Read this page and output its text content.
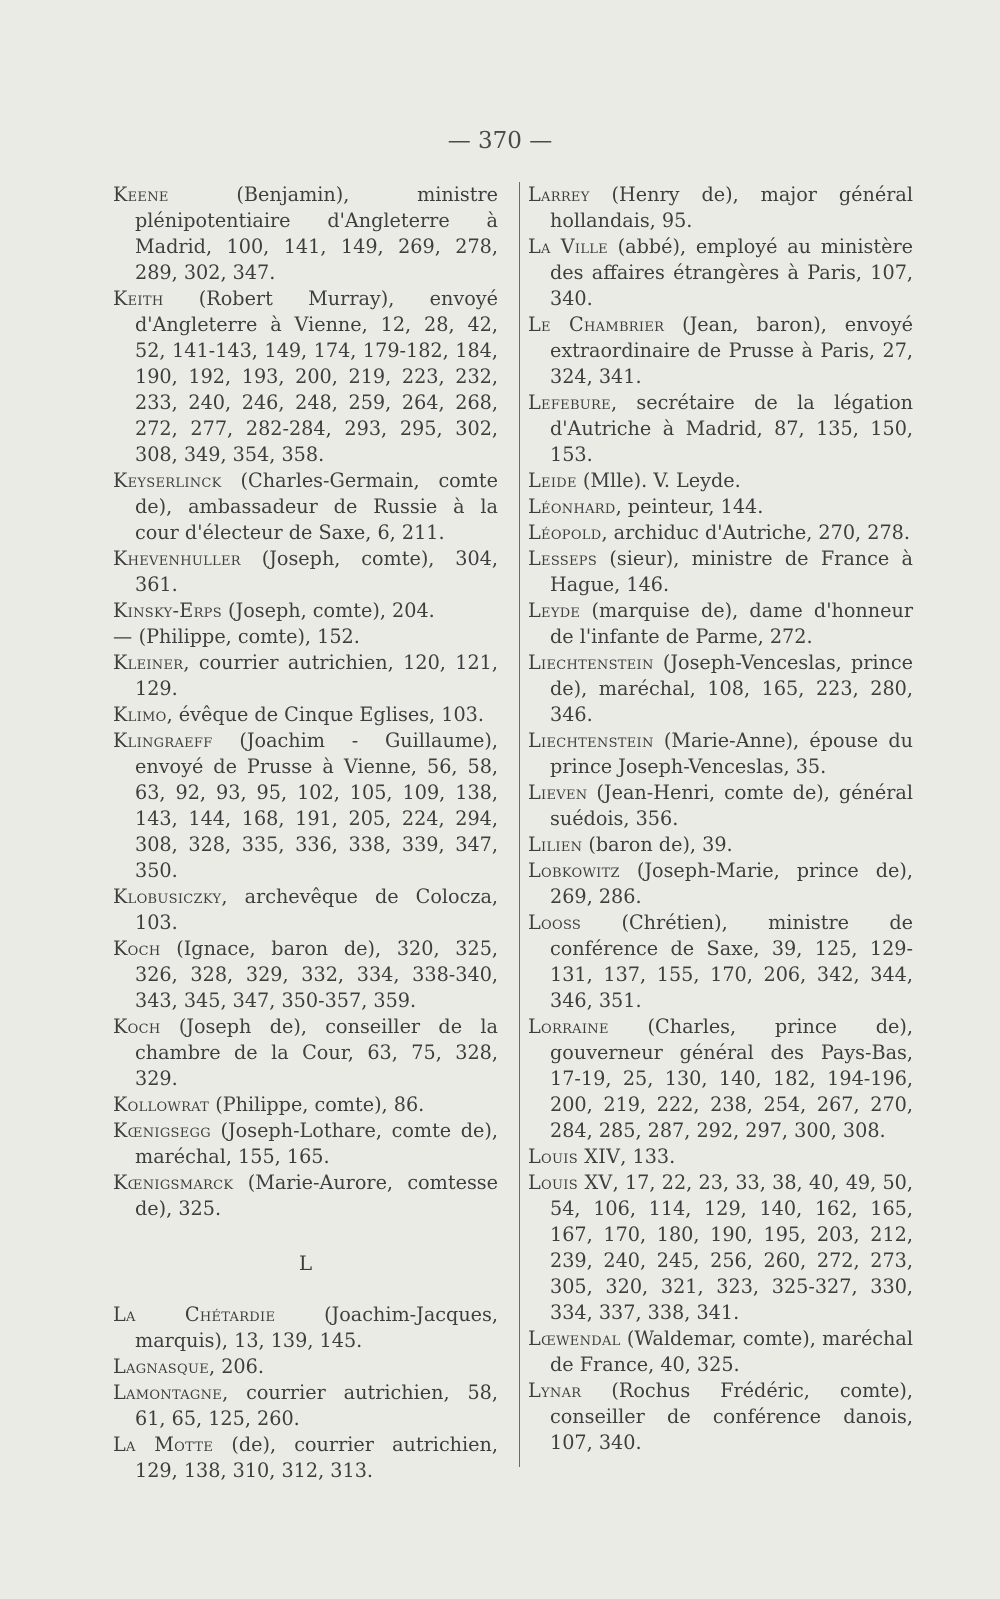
— 370 —

Keene (Benjamin), ministre plénipotentiaire d'Angleterre à Madrid, 100, 141, 149, 269, 278, 289, 302, 347.

Keith (Robert Murray), envoyé d'Angleterre à Vienne, 12, 28, 42, 52, 141-143, 149, 174, 179-182, 184, 190, 192, 193, 200, 219, 223, 232, 233, 240, 246, 248, 259, 264, 268, 272, 277, 282-284, 293, 295, 302, 308, 349, 354, 358.

Keyserlinck (Charles-Germain, comte de), ambassadeur de Russie à la cour d'électeur de Saxe, 6, 211.

Khevenhuller (Joseph, comte), 304, 361.

Kinsky-Erps (Joseph, comte), 204.

— (Philippe, comte), 152.

Kleiner, courrier autrichien, 120, 121, 129.

Klimo, évêque de Cinque Eglises, 103.

Klingraeff (Joachim - Guillaume), envoyé de Prusse à Vienne, 56, 58, 63, 92, 93, 95, 102, 105, 109, 138, 143, 144, 168, 191, 205, 224, 294, 308, 328, 335, 336, 338, 339, 347, 350.

Klobusiczky, archevêque de Colocza, 103.

Koch (Ignace, baron de), 320, 325, 326, 328, 329, 332, 334, 338-340, 343, 345, 347, 350-357, 359.

Koch (Joseph de), conseiller de la chambre de la Cour, 63, 75, 328, 329.

Kollowrat (Philippe, comte), 86.

Kœnigsegg (Joseph-Lothare, comte de), maréchal, 155, 165.

Kœnigsmarck (Marie-Aurore, comtesse de), 325.

L

La Chétardie (Joachim-Jacques, marquis), 13, 139, 145.

Lagnasque, 206.

Lamontagne, courrier autrichien, 58, 61, 65, 125, 260.

La Motte (de), courrier autrichien, 129, 138, 310, 312, 313.

Larrey (Henry de), major général hollandais, 95.

La Ville (abbé), employé au ministère des affaires étrangères à Paris, 107, 340.

Le Chambrier (Jean, baron), envoyé extraordinaire de Prusse à Paris, 27, 324, 341.

Lefebure, secrétaire de la légation d'Autriche à Madrid, 87, 135, 150, 153.

Leide (Mlle). V. Leyde.

Léonhard, peinteur, 144.

Léopold, archiduc d'Autriche, 270, 278.

Lesseps (sieur), ministre de France à Hague, 146.

Leyde (marquise de), dame d'honneur de l'infante de Parme, 272.

Liechtenstein (Joseph-Venceslas, prince de), maréchal, 108, 165, 223, 280, 346.

Liechtenstein (Marie-Anne), épouse du prince Joseph-Venceslas, 35.

Lieven (Jean-Henri, comte de), général suédois, 356.

Lilien (baron de), 39.

Lobkowitz (Joseph-Marie, prince de), 269, 286.

Looss (Chrétien), ministre de conférence de Saxe, 39, 125, 129-131, 137, 155, 170, 206, 342, 344, 346, 351.

Lorraine (Charles, prince de), gouverneur général des Pays-Bas, 17-19, 25, 130, 140, 182, 194-196, 200, 219, 222, 238, 254, 267, 270, 284, 285, 287, 292, 297, 300, 308.

Louis XIV, 133.

Louis XV, 17, 22, 23, 33, 38, 40, 49, 50, 54, 106, 114, 129, 140, 162, 165, 167, 170, 180, 190, 195, 203, 212, 239, 240, 245, 256, 260, 272, 273, 305, 320, 321, 323, 325-327, 330, 334, 337, 338, 341.

Lœwendal (Waldemar, comte), maréchal de France, 40, 325.

Lynar (Rochus Frédéric, comte), conseiller de conférence danois, 107, 340.
